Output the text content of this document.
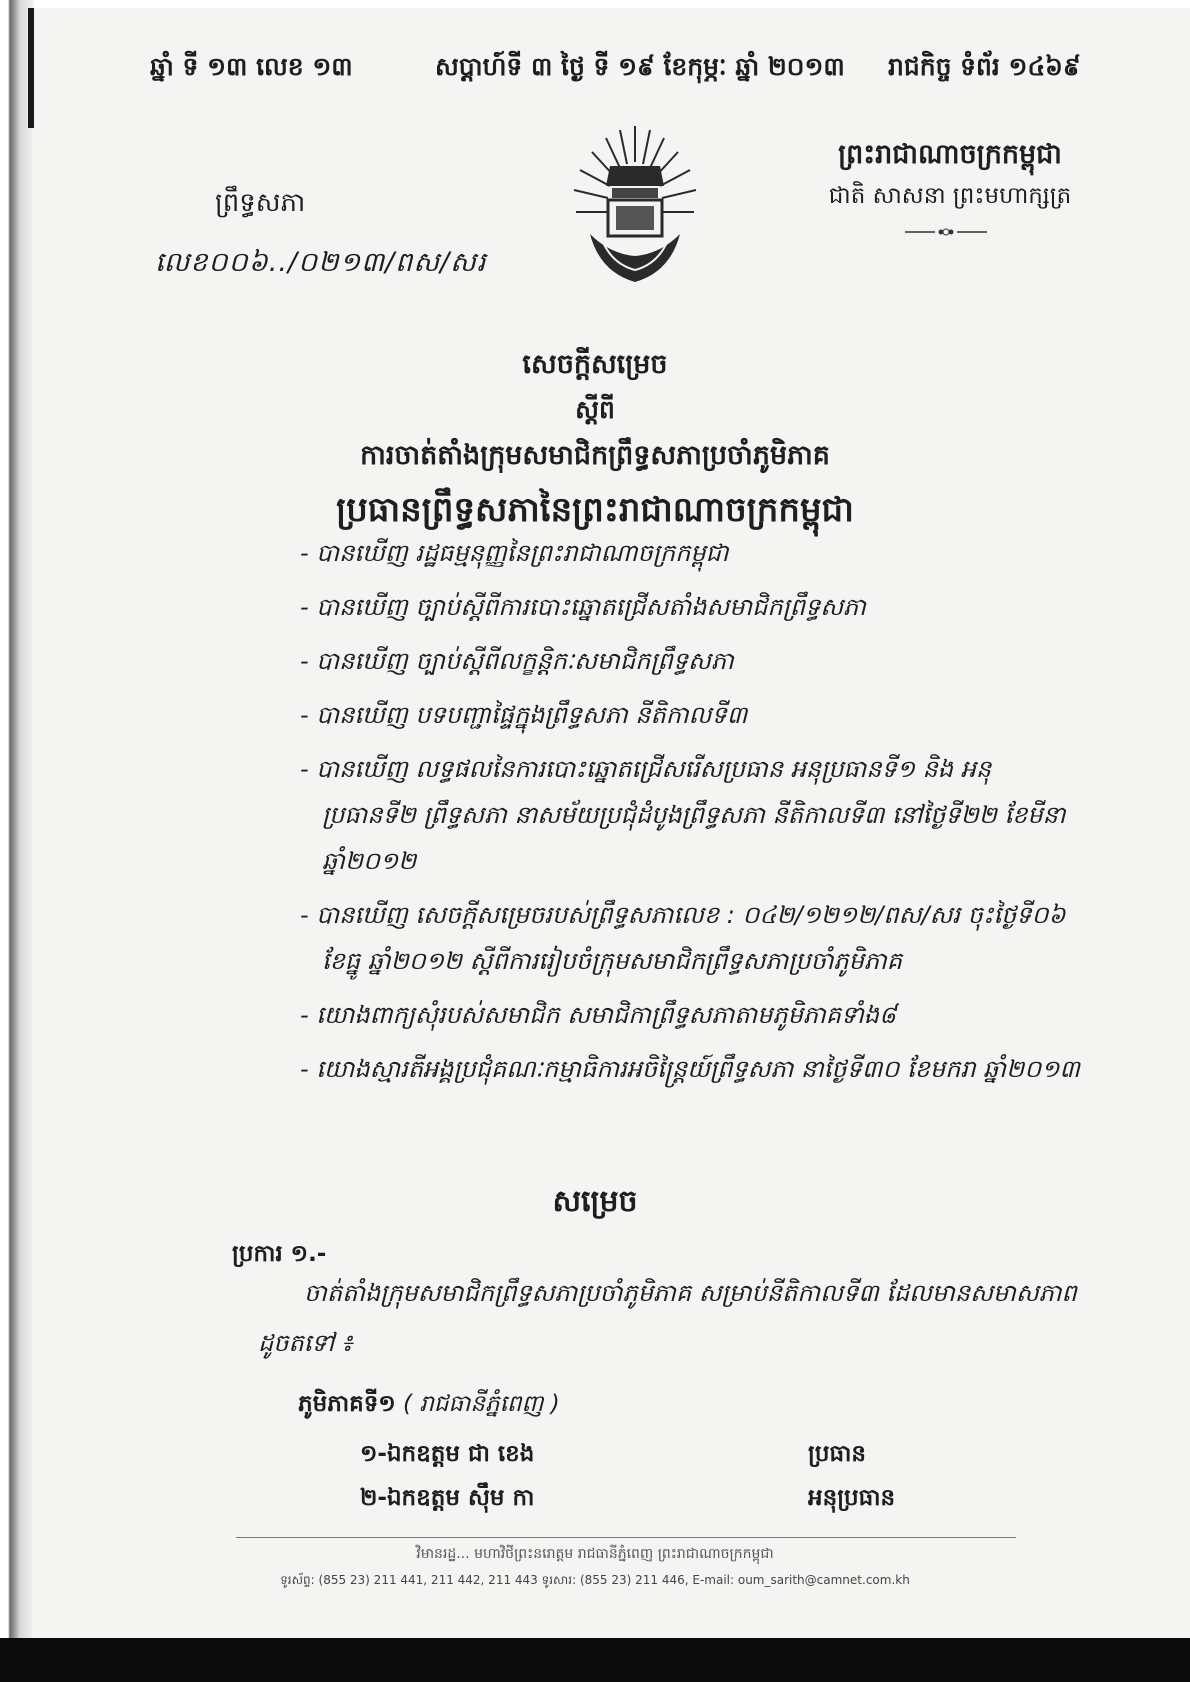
ឆ្នាំ ទី ១៣ លេខ ១៣	សប្តាហ៍ទី ៣ ថ្ងៃ ទី ១៩ ខែកុម្ភៈ ឆ្នាំ ២០១៣ រាជកិច្ច ទំព័រ ១៤៦៩
ព្រះរាជាណាចក្រកម្ពុជា
ជាតិ សាសនា ព្រះមហាក្សត្រ
ព្រឹទ្ធសភា
លេខ០០៦../០២១៣/ពស/សរ
សេចក្តីសម្រេច
ស្តីពី
ការចាត់តាំងក្រុមសមាជិកព្រឹទ្ធសភាប្រចាំភូមិភាគ
ប្រធានព្រឹទ្ធសភានៃព្រះរាជាណាចក្រកម្ពុជា
- បានឃើញ រដ្ឋធម្មនុញ្ញនៃព្រះរាជាណាចក្រកម្ពុជា
- បានឃើញ ច្បាប់ស្តីពីការបោះឆ្នោតជ្រើសតាំងសមាជិកព្រឹទ្ធសភា
- បានឃើញ ច្បាប់ស្តីពីលក្ខន្តិកៈសមាជិកព្រឹទ្ធសភា
- បានឃើញ បទបញ្ជាផ្ទៃក្នុងព្រឹទ្ធសភា នីតិកាលទី៣
- បានឃើញ លទ្ធផលនៃការបោះឆ្នោតជ្រើសរើសប្រធាន អនុប្រធានទី១ និង អនុប្រធានទី២ ព្រឹទ្ធសភា នាសម័យប្រជុំដំបូងព្រឹទ្ធសភា នីតិកាលទី៣ នៅថ្ងៃទី២២ ខែមីនា ឆ្នាំ២០១២
- បានឃើញ សេចក្តីសម្រេចរបស់ព្រឹទ្ធសភាលេខ : ០៤២/១២១២/ពស/សរ ចុះថ្ងៃទី០៦ ខែធ្នូ ឆ្នាំ២០១២ ស្តីពីការរៀបចំក្រុមសមាជិកព្រឹទ្ធសភាប្រចាំភូមិភាគ
- យោងពាក្យសុំរបស់សមាជិក សមាជិកាព្រឹទ្ធសភាតាមភូមិភាគទាំង៨
- យោងស្មារតីអង្គប្រជុំគណៈកម្មាធិការអចិន្ត្រៃយ៍ព្រឹទ្ធសភា នាថ្ងៃទី៣០ ខែមករា ឆ្នាំ២០១៣
សម្រេច
ប្រការ ១.-
ចាត់តាំងក្រុមសមាជិកព្រឹទ្ធសភាប្រចាំភូមិភាគ សម្រាប់នីតិកាលទី៣ ដែលមានសមាសភាព ដូចតទៅ ៖
ភូមិភាគទី១ ( រាជធានីភ្នំពេញ )
១-ឯកឧត្តម ជា ខេង	ប្រធាន
២-ឯកឧត្តម ស៊ឹម កា	អនុប្រធាន
វិមានរដ្ឋ... មហាវិថីព្រះនរោត្តម រាជធានីភ្នំពេញ ព្រះរាជាណាចក្រកម្ពុជា
ទូរស័ព្ទ: (855 23) 211 441, 211 442, 211 443 ទូរសារ: (855 23) 211 446, E-mail: oum_sarith@camnet.com.kh
